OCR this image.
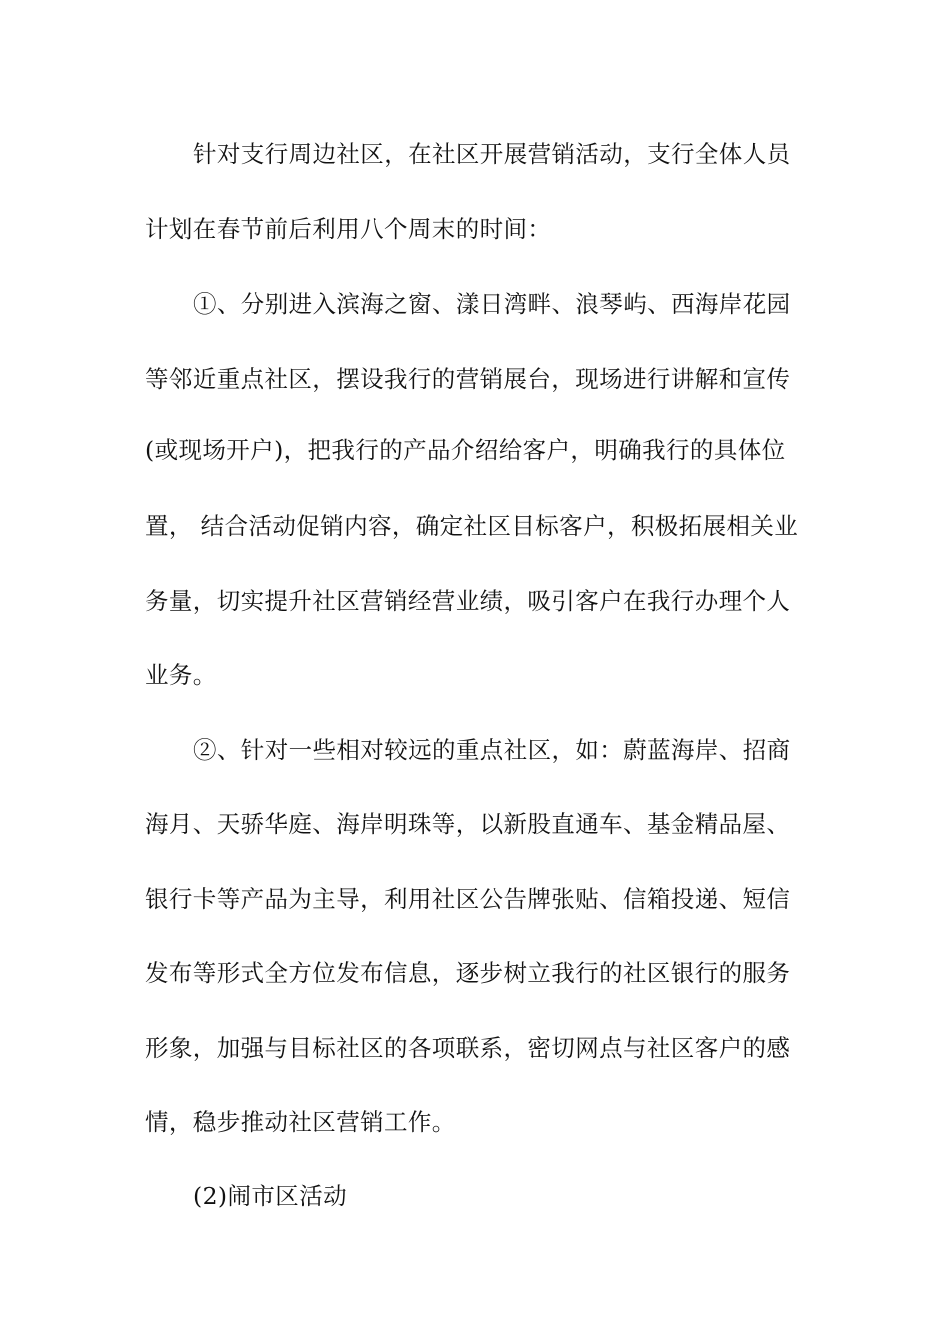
针对支行周边社区，在社区开展营销活动，支行全体人员
计划在春节前后利用八个周末的时间：
①、分别进入滨海之窗、漾日湾畔、浪琴屿、西海岸花园
等邻近重点社区，摆设我行的营销展台，现场进行讲解和宣传
(或现场开户)，把我行的产品介绍给客户，明确我行的具体位
置， 结合活动促销内容，确定社区目标客户，积极拓展相关业
务量，切实提升社区营销经营业绩，吸引客户在我行办理个人
业务。
②、针对一些相对较远的重点社区，如：蔚蓝海岸、招商
海月、天骄华庭、海岸明珠等，以新股直通车、基金精品屋、
银行卡等产品为主导，利用社区公告牌张贴、信箱投递、短信
发布等形式全方位发布信息，逐步树立我行的社区银行的服务
形象，加强与目标社区的各项联系，密切网点与社区客户的感
情，稳步推动社区营销工作。
(2)闹市区活动
